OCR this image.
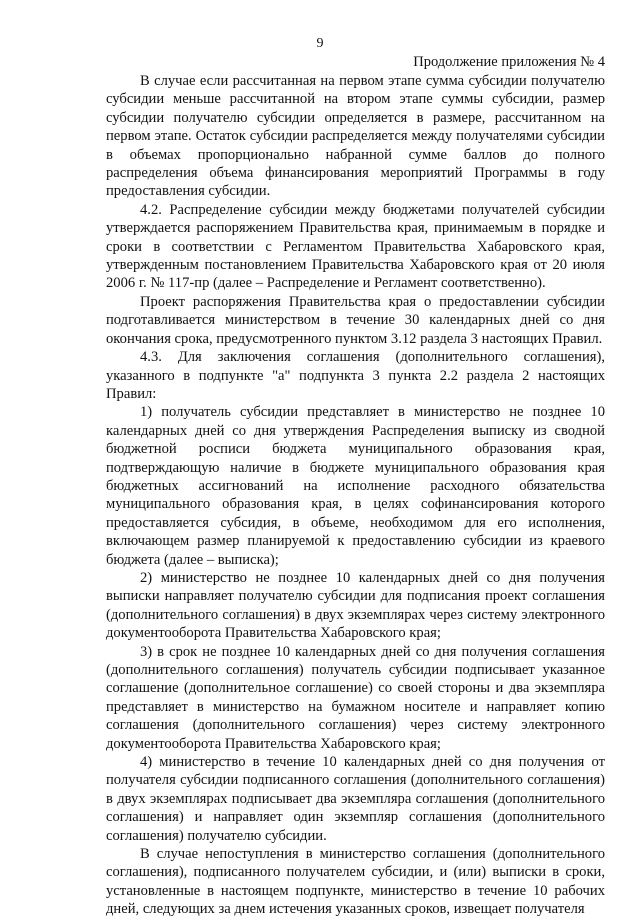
9
Продолжение приложения № 4

В случае если рассчитанная на первом этапе сумма субсидии получателю субсидии меньше рассчитанной на втором этапе суммы субсидии, размер субсидии получателю субсидии определяется в размере, рассчитанном на первом этапе. Остаток субсидии распределяется между получателями субсидии в объемах пропорционально набранной сумме баллов до полного распределения объема финансирования мероприятий Программы в году предоставления субсидии.

4.2. Распределение субсидии между бюджетами получателей субсидии утверждается распоряжением Правительства края, принимаемым в порядке и сроки в соответствии с Регламентом Правительства Хабаровского края, утвержденным постановлением Правительства Хабаровского края от 20 июля 2006 г. № 117-пр (далее – Распределение и Регламент соответственно).

Проект распоряжения Правительства края о предоставлении субсидии подготавливается министерством в течение 30 календарных дней со дня окончания срока, предусмотренного пунктом 3.12 раздела 3 настоящих Правил.

4.3. Для заключения соглашения (дополнительного соглашения), указанного в подпункте "а" подпункта 3 пункта 2.2 раздела 2 настоящих Правил:

1) получатель субсидии представляет в министерство не позднее 10 календарных дней со дня утверждения Распределения выписку из сводной бюджетной росписи бюджета муниципального образования края, подтверждающую наличие в бюджете муниципального образования края бюджетных ассигнований на исполнение расходного обязательства муниципального образования края, в целях софинансирования которого предоставляется субсидия, в объеме, необходимом для его исполнения, включающем размер планируемой к предоставлению субсидии из краевого бюджета (далее – выписка);

2) министерство не позднее 10 календарных дней со дня получения выписки направляет получателю субсидии для подписания проект соглашения (дополнительного соглашения) в двух экземплярах через систему электронного документооборота Правительства Хабаровского края;

3) в срок не позднее 10 календарных дней со дня получения соглашения (дополнительного соглашения) получатель субсидии подписывает указанное соглашение (дополнительное соглашение) со своей стороны и два экземпляра представляет в министерство на бумажном носителе и направляет копию соглашения (дополнительного соглашения) через систему электронного документооборота Правительства Хабаровского края;

4) министерство в течение 10 календарных дней со дня получения от получателя субсидии подписанного соглашения (дополнительного соглашения) в двух экземплярах подписывает два экземпляра соглашения (дополнительного соглашения) и направляет один экземпляр соглашения (дополнительного соглашения) получателю субсидии.

В случае непоступления в министерство соглашения (дополнительного соглашения), подписанного получателем субсидии, и (или) выписки в сроки, установленные в настоящем подпункте, министерство в течение 10 рабочих дней, следующих за днем истечения указанных сроков, извещает получателя
